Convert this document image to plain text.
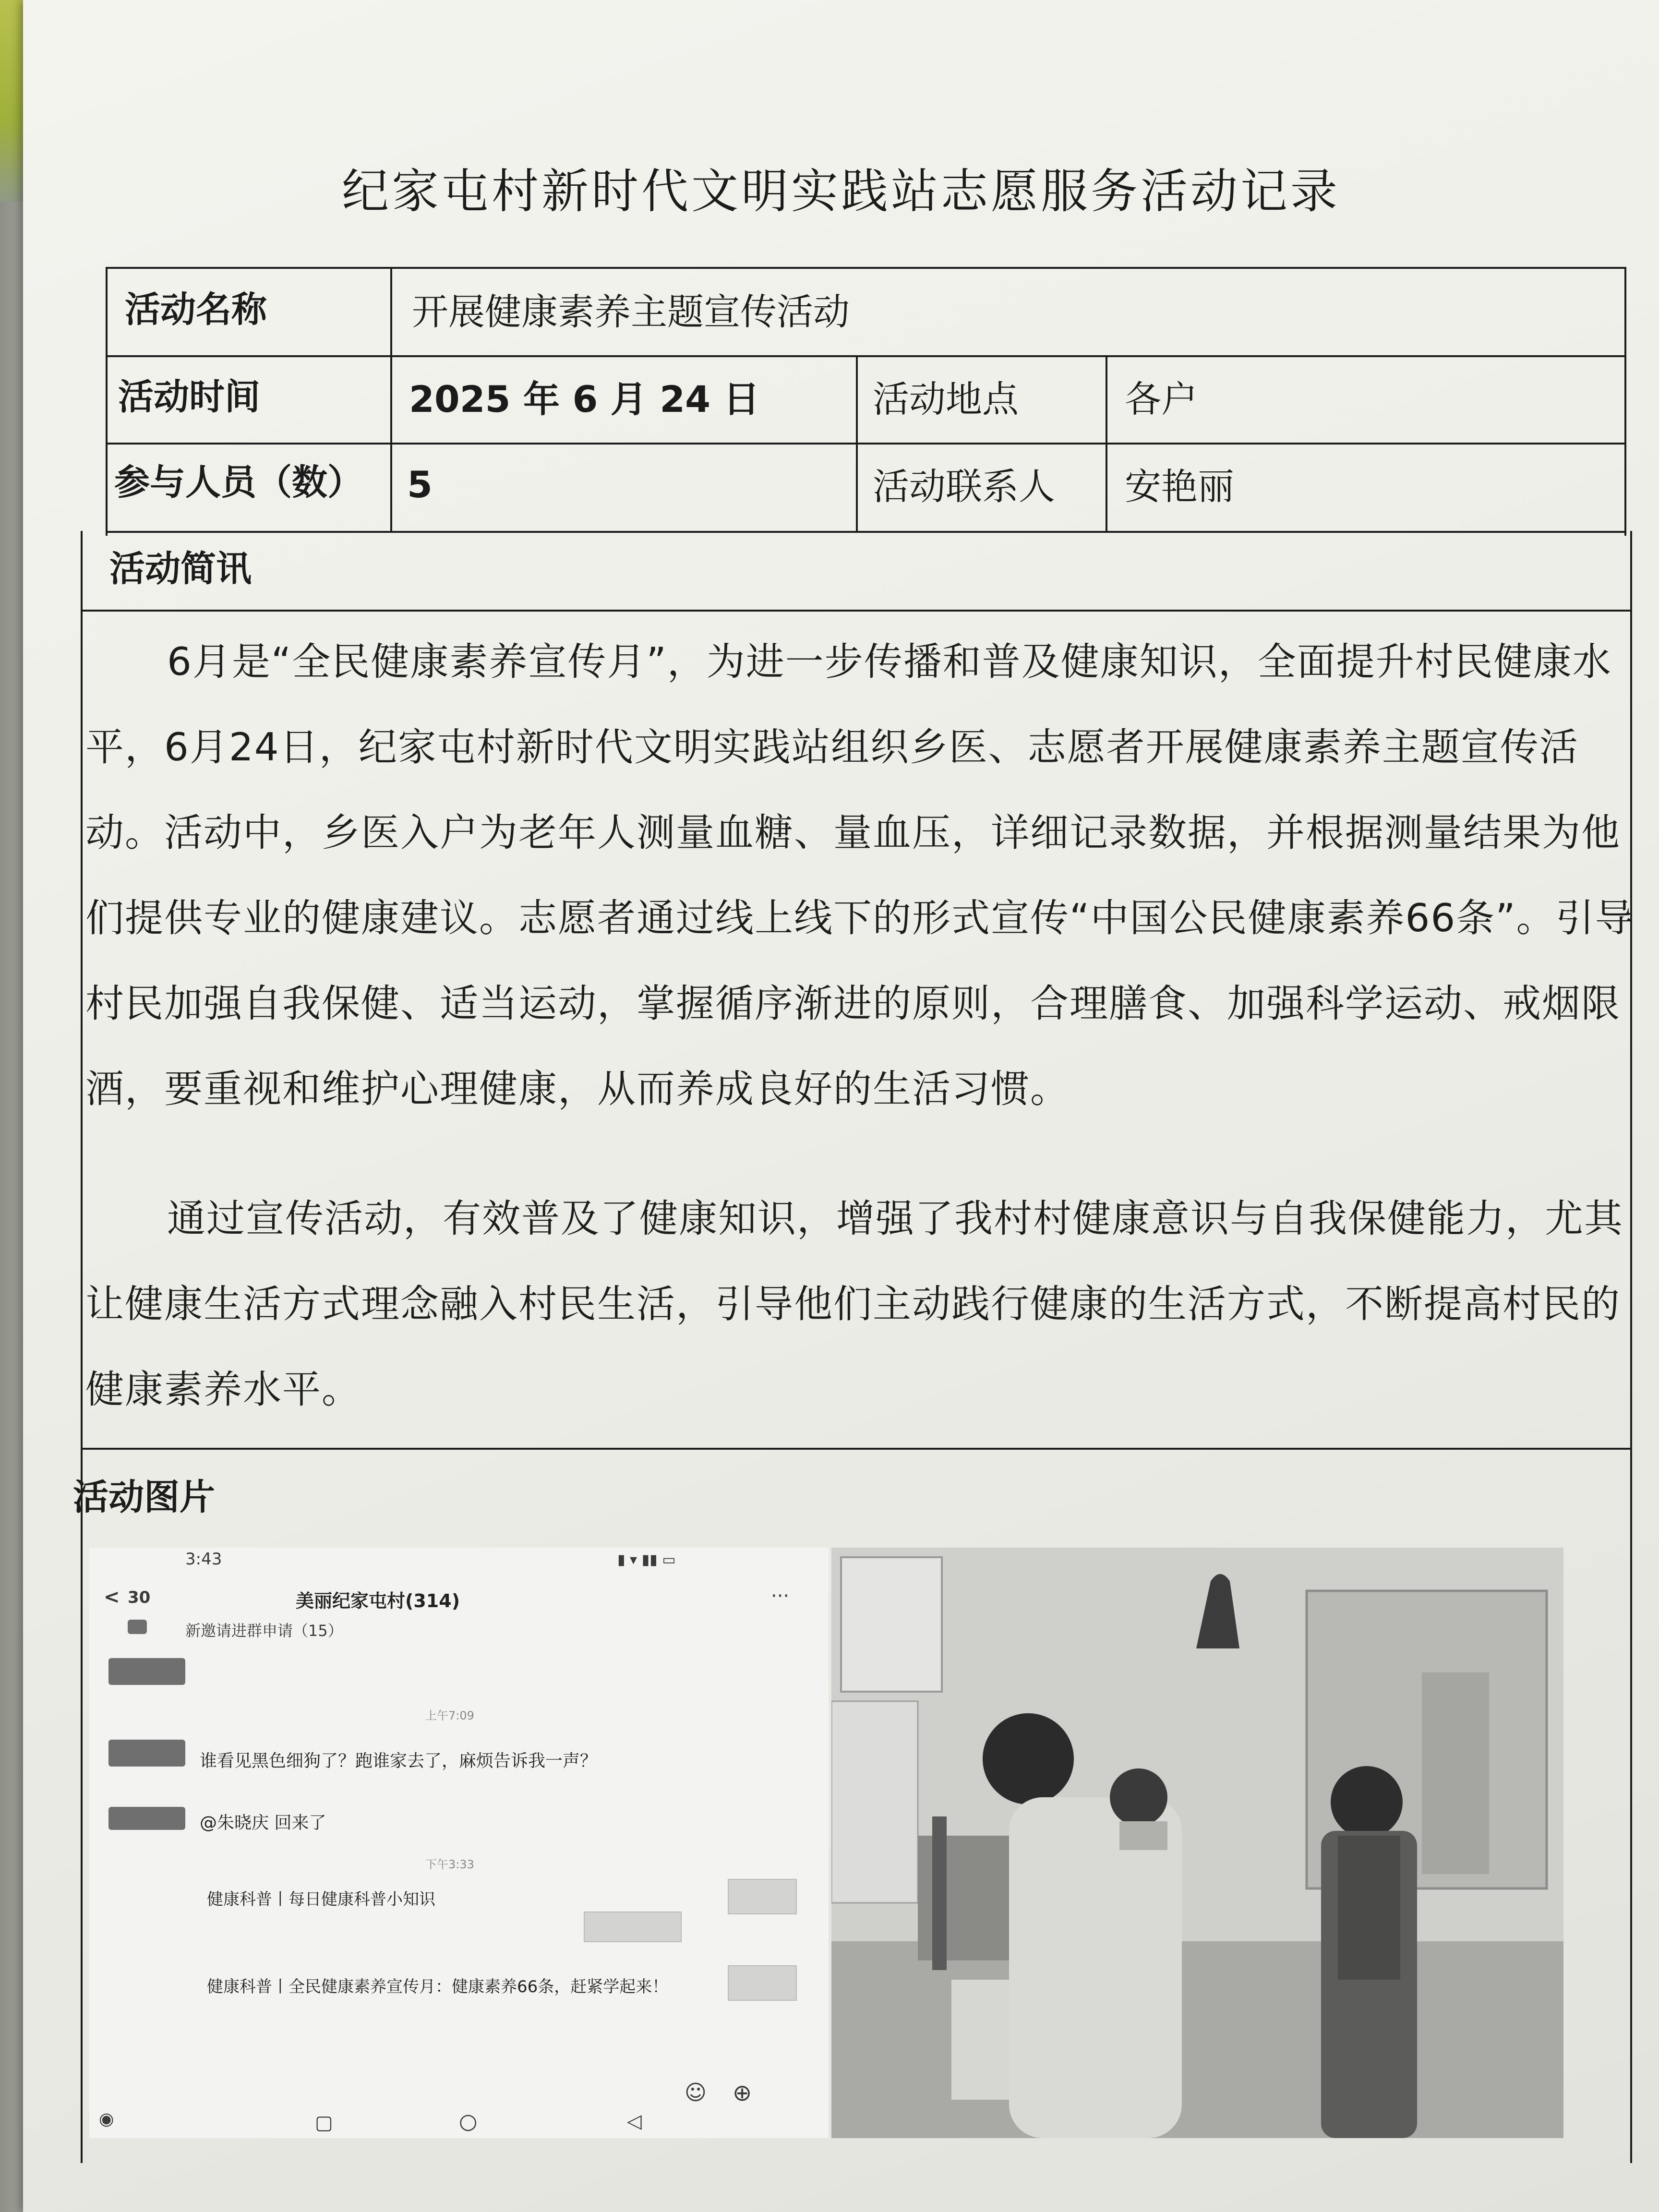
纪家屯村新时代文明实践站志愿服务活动记录
活动名称	开展健康素养主题宣传活动
活动时间	2025 年 6 月 24 日	活动地点	各户
参与人员（数） 5	活动联系人 安艳丽
活动简讯

6月是“全民健康素养宣传月”，为进一步传播和普及健康知识，全面提升村民健康水平，6月24日，纪家屯村新时代文明实践站组织乡医、志愿者开展健康素养主题宣传活动。活动中，乡医入户为老年人测量血糖、量血压，详细记录数据，并根据测量结果为他们提供专业的健康建议。志愿者通过线上线下的形式宣传“中国公民健康素养66条”。引导村民加强自我保健、适当运动，掌握循序渐进的原则，合理膳食、加强科学运动、戒烟限酒，要重视和维护心理健康，从而养成良好的生活习惯。

通过宣传活动，有效普及了健康知识，增强了我村村健康意识与自我保健能力，尤其让健康生活方式理念融入村民生活，引导他们主动践行健康的生活方式，不断提高村民的健康素养水平。

活动图片
3:43	▮ ▾ ▮▮ ▭
< 30	美丽纪家屯村(314)	···
新邀请进群申请（15）
上午7:09
谁看见黑色细狗了？跑谁家去了，麻烦告诉我一声？
@朱晓庆 回来了
下午3:33
健康科普丨每日健康科普小知识
健康科普丨全民健康素养宣传月：健康素养66条，赶紧学起来！
☺ ⊕
◉	▢	○	◁
